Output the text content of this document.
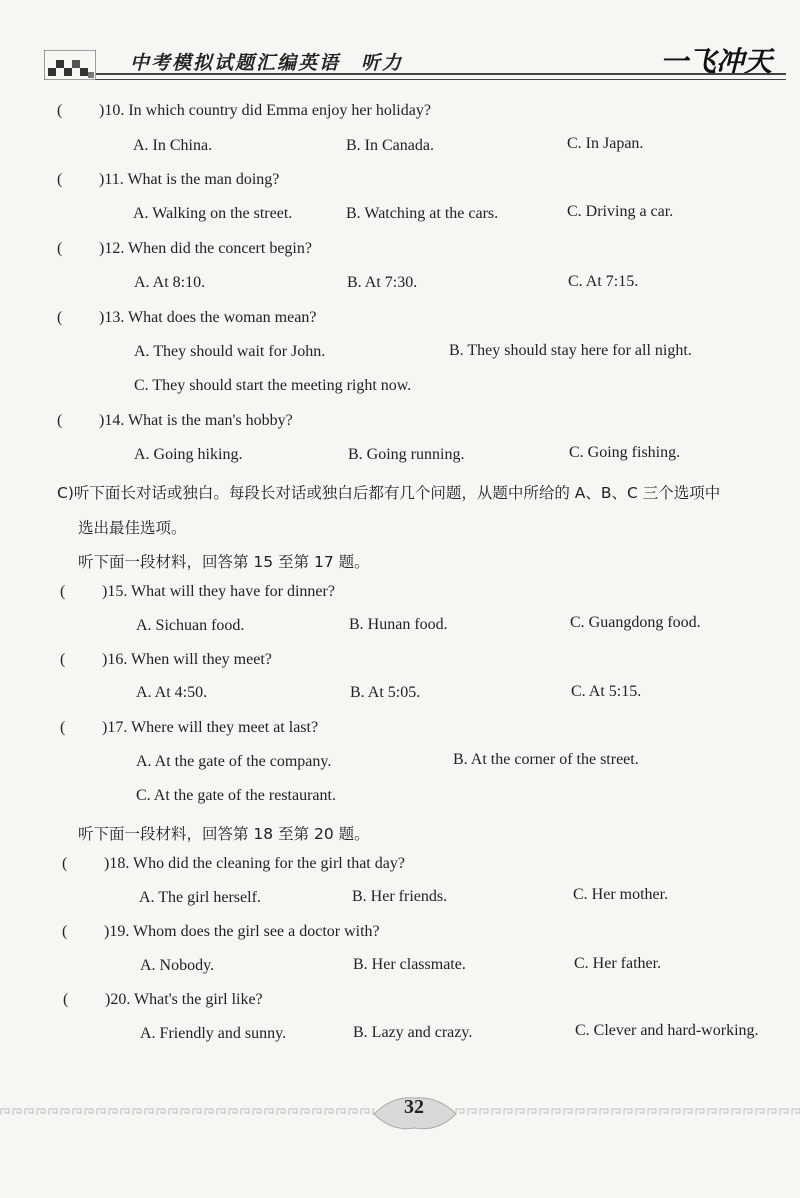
中考模拟试题汇编英语　听力	一飞冲天
( )10. In which country did Emma enjoy her holiday?
A. In China.	B. In Canada.	C. In Japan.
( )11. What is the man doing?
A. Walking on the street.	B. Watching at the cars.	C. Driving a car.
( )12. When did the concert begin?
A. At 8:10.	B. At 7:30.	C. At 7:15.
( )13. What does the woman mean?
A. They should wait for John.	B. They should stay here for all night.
C. They should start the meeting right now.
( )14. What is the man's hobby?
A. Going hiking.	B. Going running.	C. Going fishing.
C)听下面长对话或独白。每段长对话或独白后都有几个问题，从题中所给的 A、B、C 三个选项中
选出最佳选项。
听下面一段材料，回答第 15 至第 17 题。
( )15. What will they have for dinner?
A. Sichuan food.	B. Hunan food.	C. Guangdong food.
( )16. When will they meet?
A. At 4:50.	B. At 5:05.	C. At 5:15.
( )17. Where will they meet at last?
A. At the gate of the company.	B. At the corner of the street.
C. At the gate of the restaurant.
听下面一段材料，回答第 18 至第 20 题。
( )18. Who did the cleaning for the girl that day?
A. The girl herself.	B. Her friends.	C. Her mother.
( )19. Whom does the girl see a doctor with?
A. Nobody.	B. Her classmate.	C. Her father.
( )20. What's the girl like?
A. Friendly and sunny.	B. Lazy and crazy.	C. Clever and hard-working.
32
